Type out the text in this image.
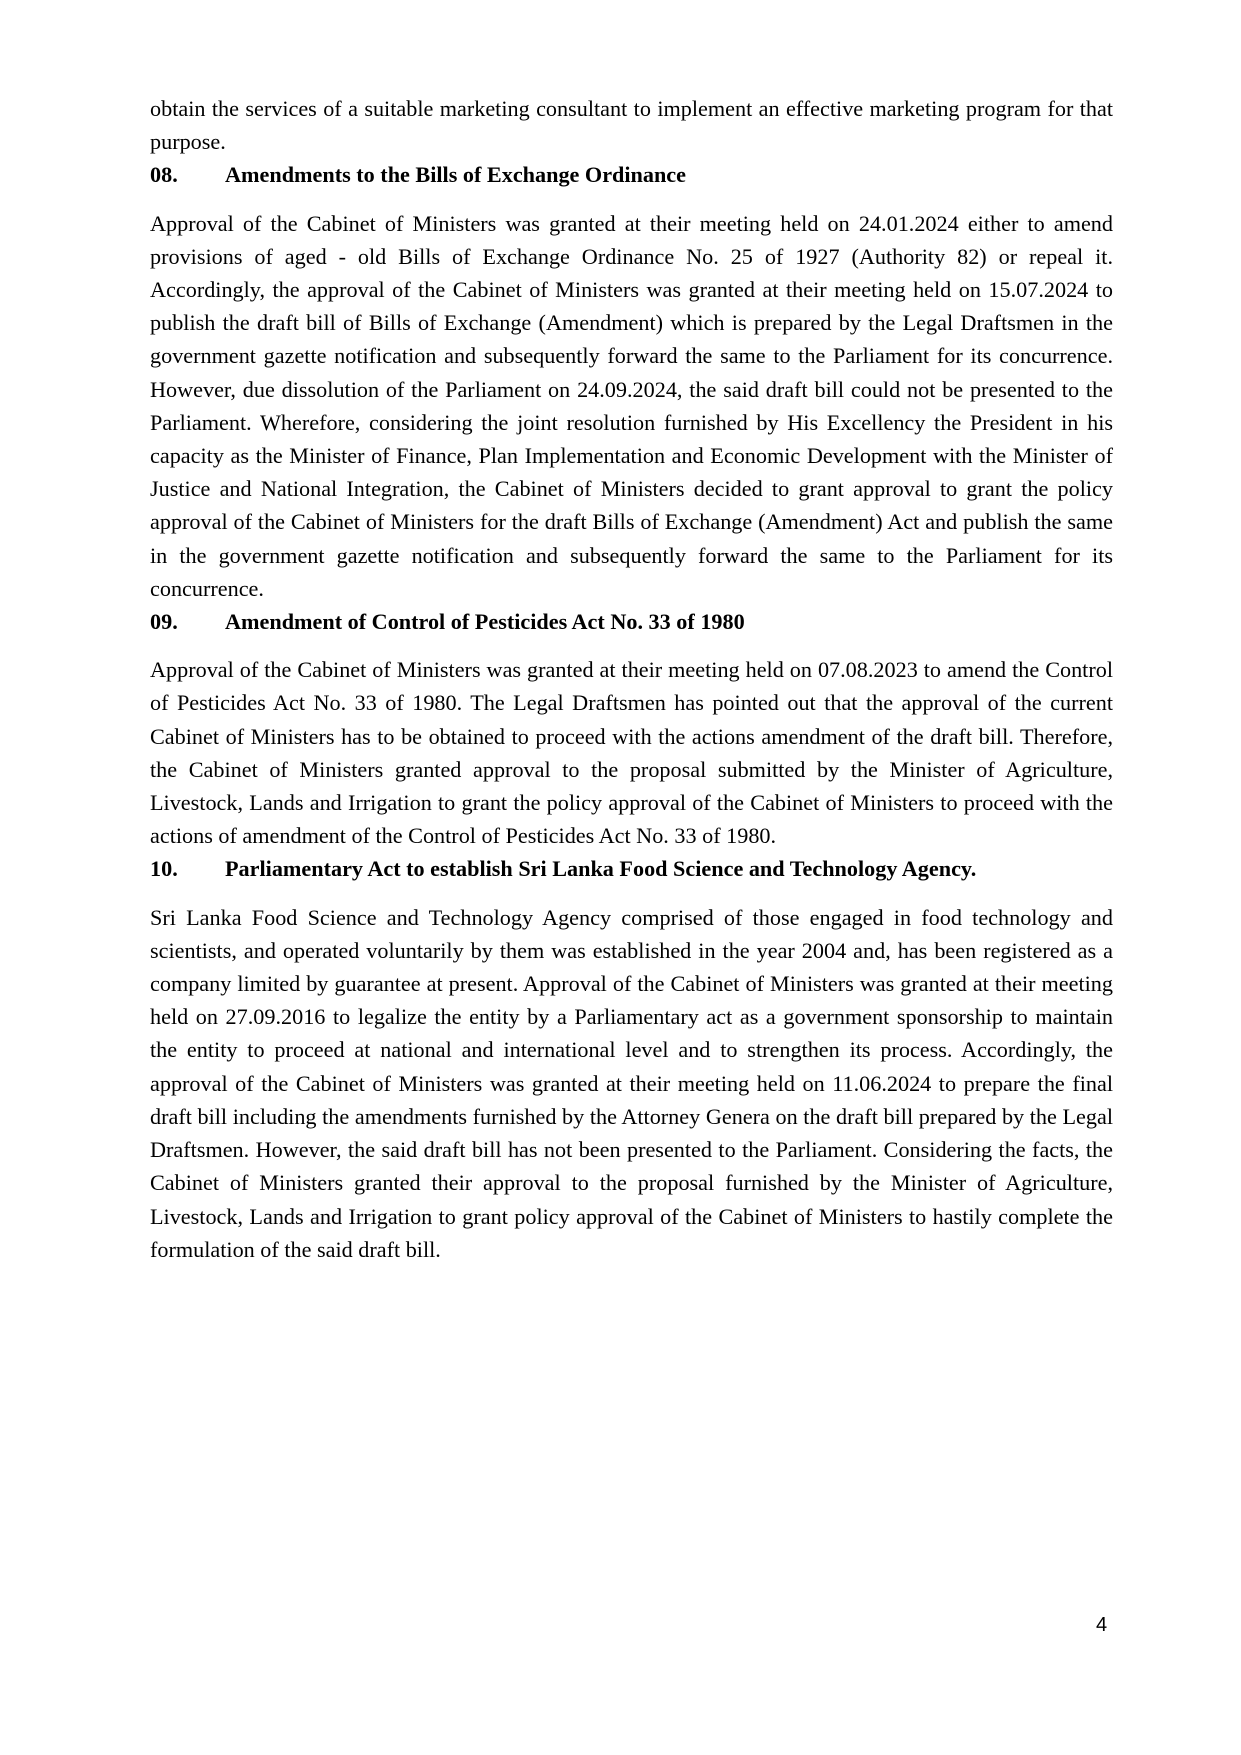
obtain the services of a suitable marketing consultant to implement an effective marketing program for that purpose.

08.	Amendments to the Bills of Exchange Ordinance

Approval of the Cabinet of Ministers was granted at their meeting held on 24.01.2024 either to amend provisions of aged - old Bills of Exchange Ordinance No. 25 of 1927 (Authority 82) or repeal it. Accordingly, the approval of the Cabinet of Ministers was granted at their meeting held on 15.07.2024 to publish the draft bill of Bills of Exchange (Amendment) which is prepared by the Legal Draftsmen in the government gazette notification and subsequently forward the same to the Parliament for its concurrence. However, due dissolution of the Parliament on 24.09.2024, the said draft bill could not be presented to the Parliament. Wherefore, considering the joint resolution furnished by His Excellency the President in his capacity as the Minister of Finance, Plan Implementation and Economic Development with the Minister of Justice and National Integration, the Cabinet of Ministers decided to grant approval to grant the policy approval of the Cabinet of Ministers for the draft Bills of Exchange (Amendment) Act and publish the same in the government gazette notification and subsequently forward the same to the Parliament for its concurrence.

09.	Amendment of Control of Pesticides Act No. 33 of 1980

Approval of the Cabinet of Ministers was granted at their meeting held on 07.08.2023 to amend the Control of Pesticides Act No. 33 of 1980. The Legal Draftsmen has pointed out that the approval of the current Cabinet of Ministers has to be obtained to proceed with the actions amendment of the draft bill. Therefore, the Cabinet of Ministers granted approval to the proposal submitted by the Minister of Agriculture, Livestock, Lands and Irrigation to grant the policy approval of the Cabinet of Ministers to proceed with the actions of amendment of the Control of Pesticides Act No. 33 of 1980.

10.	Parliamentary Act to establish Sri Lanka Food Science and Technology Agency.

Sri Lanka Food Science and Technology Agency comprised of those engaged in food technology and scientists, and operated voluntarily by them was established in the year 2004 and, has been registered as a company limited by guarantee at present. Approval of the Cabinet of Ministers was granted at their meeting held on 27.09.2016 to legalize the entity by a Parliamentary act as a government sponsorship to maintain the entity to proceed at national and international level and to strengthen its process. Accordingly, the approval of the Cabinet of Ministers was granted at their meeting held on 11.06.2024 to prepare the final draft bill including the amendments furnished by the Attorney Genera on the draft bill prepared by the Legal Draftsmen. However, the said draft bill has not been presented to the Parliament. Considering the facts, the Cabinet of Ministers granted their approval to the proposal furnished by the Minister of Agriculture, Livestock, Lands and Irrigation to grant policy approval of the Cabinet of Ministers to hastily complete the formulation of the said draft bill.

4
